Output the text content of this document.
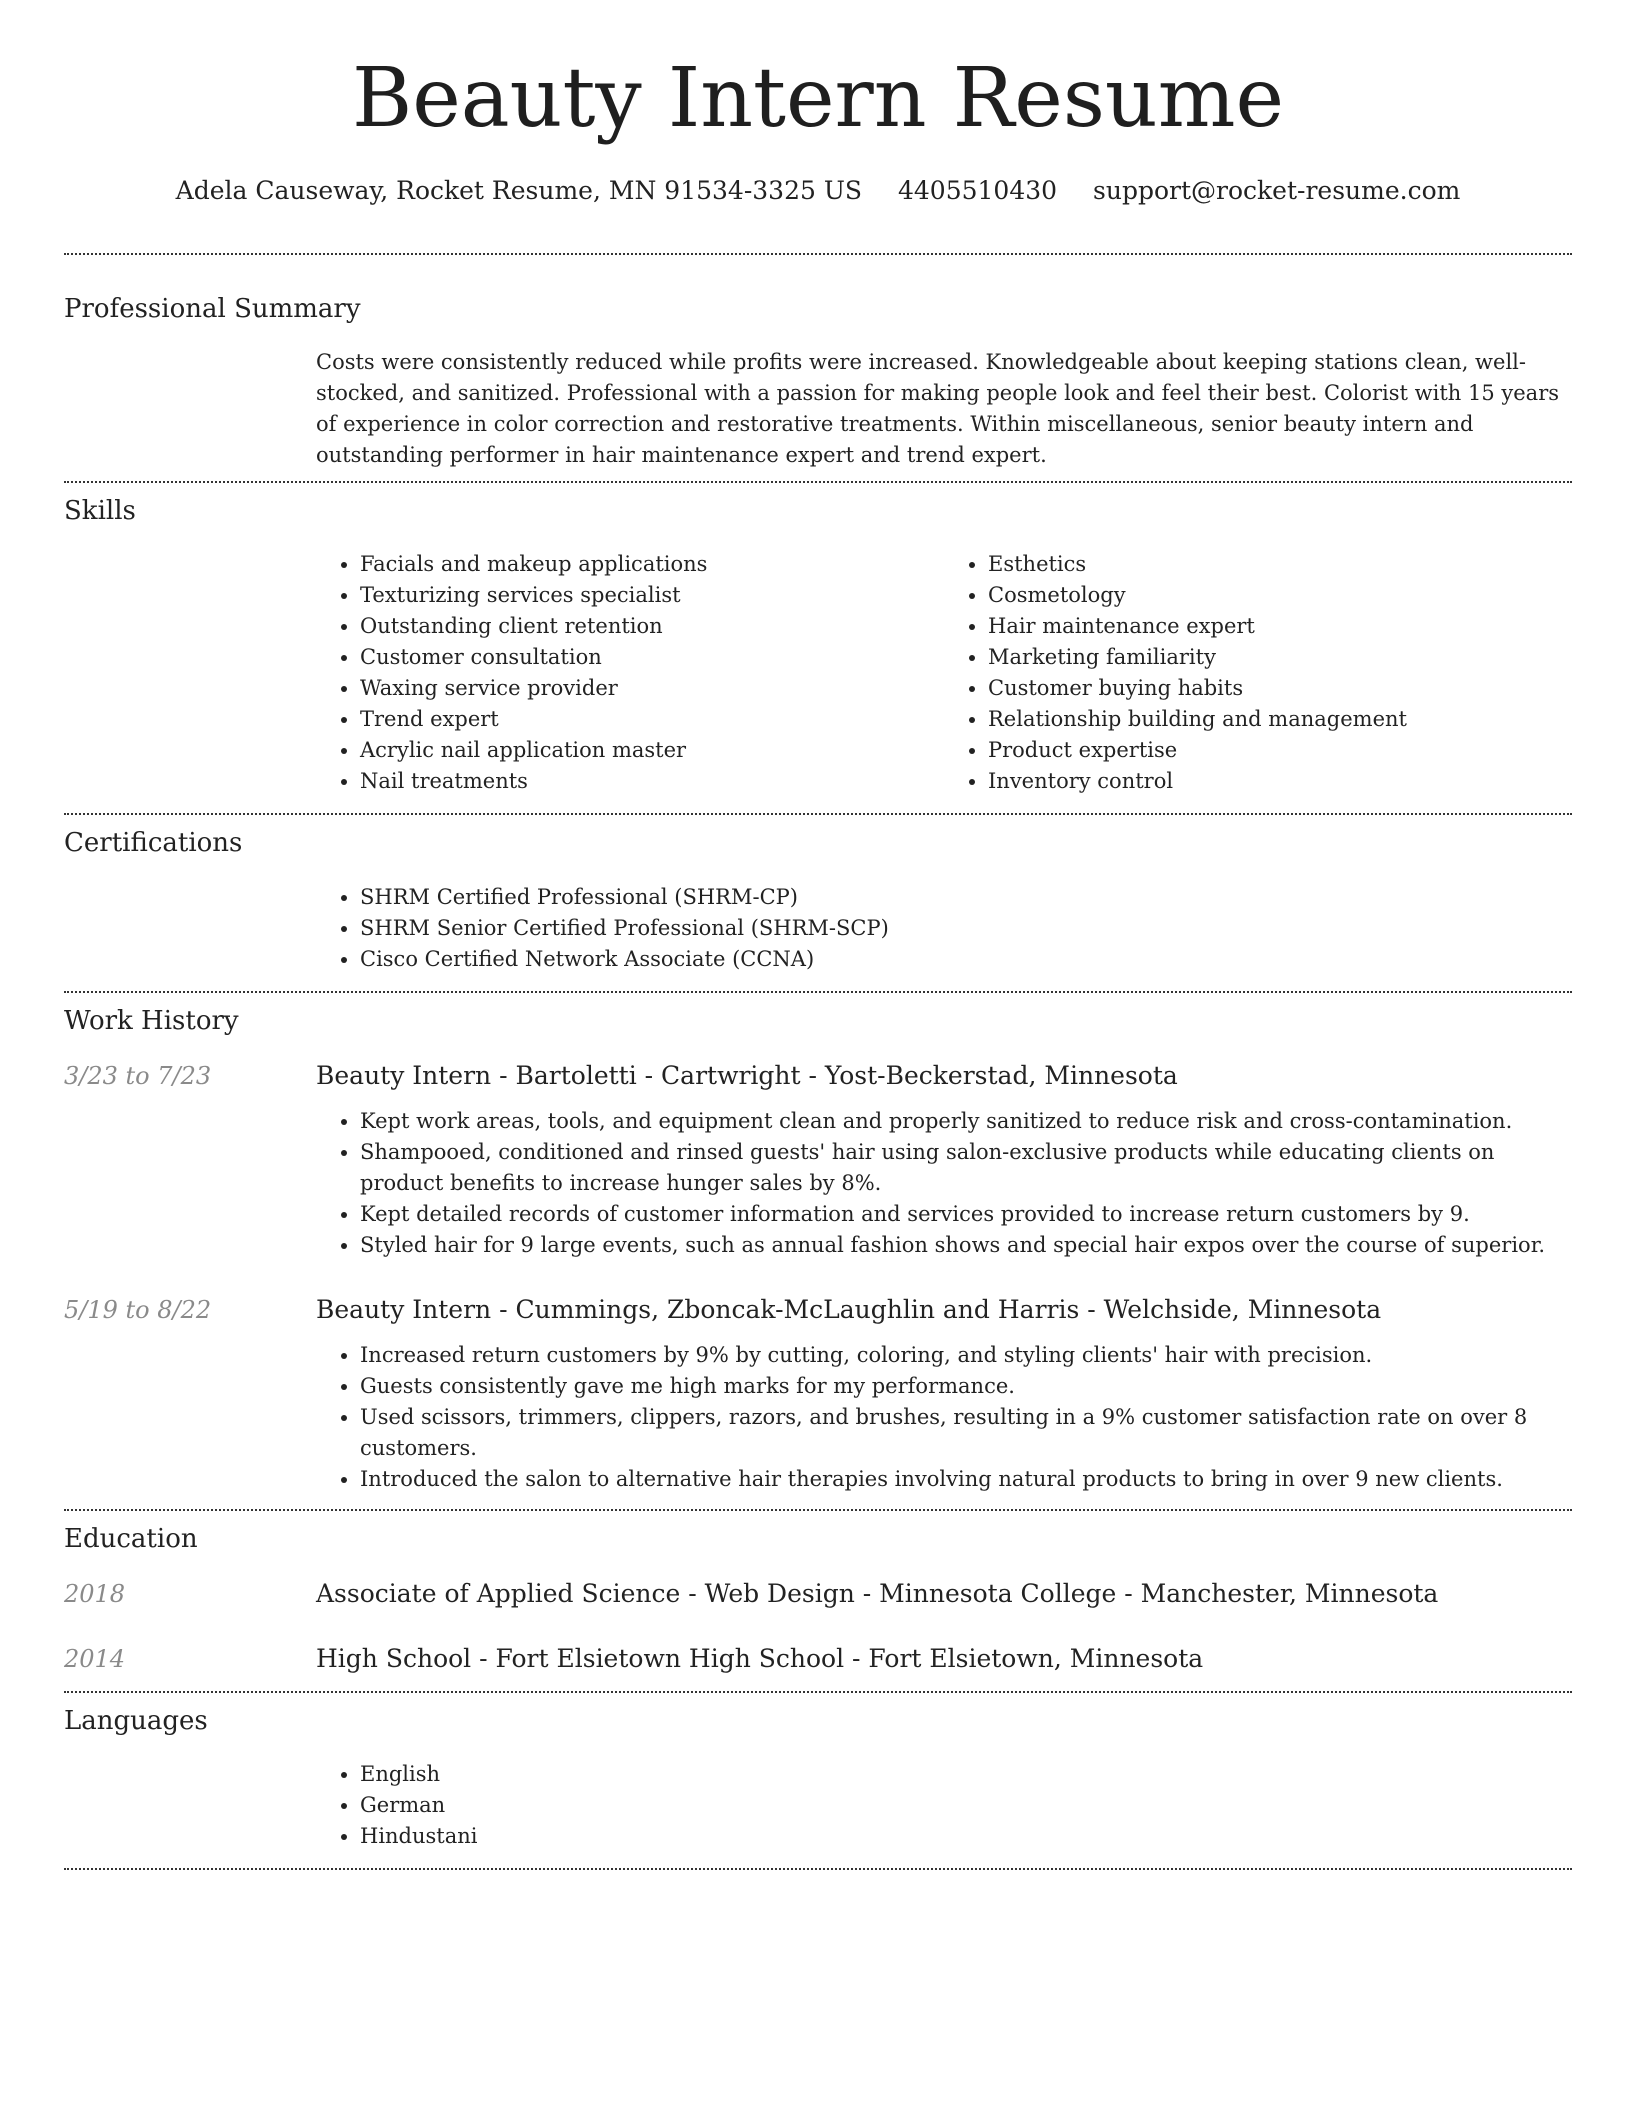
Beauty Intern Resume
Adela Causeway, Rocket Resume, MN 91534-3325 US 4405510430 support@rocket-resume.com
Professional Summary

Costs were consistently reduced while profits were increased. Knowledgeable about keeping stations clean, well-stocked, and sanitized. Professional with a passion for making people look and feel their best. Colorist with 15 years of experience in color correction and restorative treatments. Within miscellaneous, senior beauty intern and outstanding performer in hair maintenance expert and trend expert.

Skills
• Facials and makeup applications
• Texturizing services specialist
• Outstanding client retention
• Customer consultation
• Waxing service provider
• Trend expert
• Acrylic nail application master
• Nail treatments
• Esthetics
• Cosmetology
• Hair maintenance expert
• Marketing familiarity
• Customer buying habits
• Relationship building and management
• Product expertise
• Inventory control
Certifications
• SHRM Certified Professional (SHRM-CP)
• SHRM Senior Certified Professional (SHRM-SCP)
• Cisco Certified Network Associate (CCNA)
Work History
3/23 to 7/23	Beauty Intern - Bartoletti - Cartwright - Yost-Beckerstad, Minnesota
• Kept work areas, tools, and equipment clean and properly sanitized to reduce risk and cross-contamination.
• Shampooed, conditioned and rinsed guests' hair using salon-exclusive products while educating clients on product benefits to increase hunger sales by 8%.
• Kept detailed records of customer information and services provided to increase return customers by 9.
• Styled hair for 9 large events, such as annual fashion shows and special hair expos over the course of superior.
5/19 to 8/22	Beauty Intern - Cummings, Zboncak-McLaughlin and Harris - Welchside, Minnesota
• Increased return customers by 9% by cutting, coloring, and styling clients' hair with precision.
• Guests consistently gave me high marks for my performance.
• Used scissors, trimmers, clippers, razors, and brushes, resulting in a 9% customer satisfaction rate on over 8 customers.
• Introduced the salon to alternative hair therapies involving natural products to bring in over 9 new clients.
Education
2018	Associate of Applied Science - Web Design - Minnesota College - Manchester, Minnesota
2014	High School - Fort Elsietown High School - Fort Elsietown, Minnesota
Languages
• English
• German
• Hindustani
